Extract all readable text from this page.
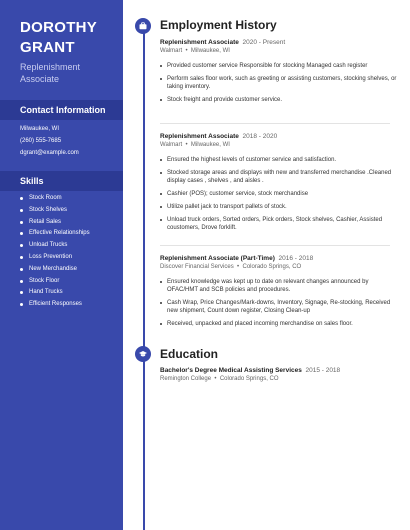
DOROTHY
GRANT
Replenishment
Associate
Contact Information
Milwaukee, WI
(260) 555-7685
dgrant@example.com
Skills
Stock Room
Stock Shelves
Retail Sales
Effective Relationships
Unload Trucks
Loss Prevention
New Merchandise
Stock Floor
Hand Trucks
Efficient Responses
Employment History
Replenishment Associate 2020 - Present
Walmart • Milwaukee, WI
Provided customer service Responsible for stocking Managed cash register
Perform sales floor work, such as greeting or assisting customers, stocking shelves, or taking inventory.
Stock freight and provide customer service.
Replenishment Associate 2018 - 2020
Walmart • Milwaukee, WI
Ensured the highest levels of customer service and satisfaction.
Stocked storage areas and displays with new and transferred merchandise .Cleaned display cases , shelves , and aisles .
Cashier (POS); customer service, stock merchandise
Utilize pallet jack to transport pallets of stock.
Unload truck orders, Sorted orders, Pick orders, Stock shelves, Cashier, Assisted coustomers, Drove forklift.
Replenishment Associate (Part-Time) 2016 - 2018
Discover Financial Services • Colorado Springs, CO
Ensured knowledge was kept up to date on relevant changes announced by OFAC/HMT and SCB policies and procedures.
Cash Wrap, Price Changes/Mark-downs, Inventory, Signage, Re-stocking, Received new shipment, Count down register, Closing Clean-up
Received, unpacked and placed incoming merchandise on sales floor.
Education
Bachelor's Degree Medical Assisting Services 2015 - 2018
Remington College • Colorado Springs, CO
